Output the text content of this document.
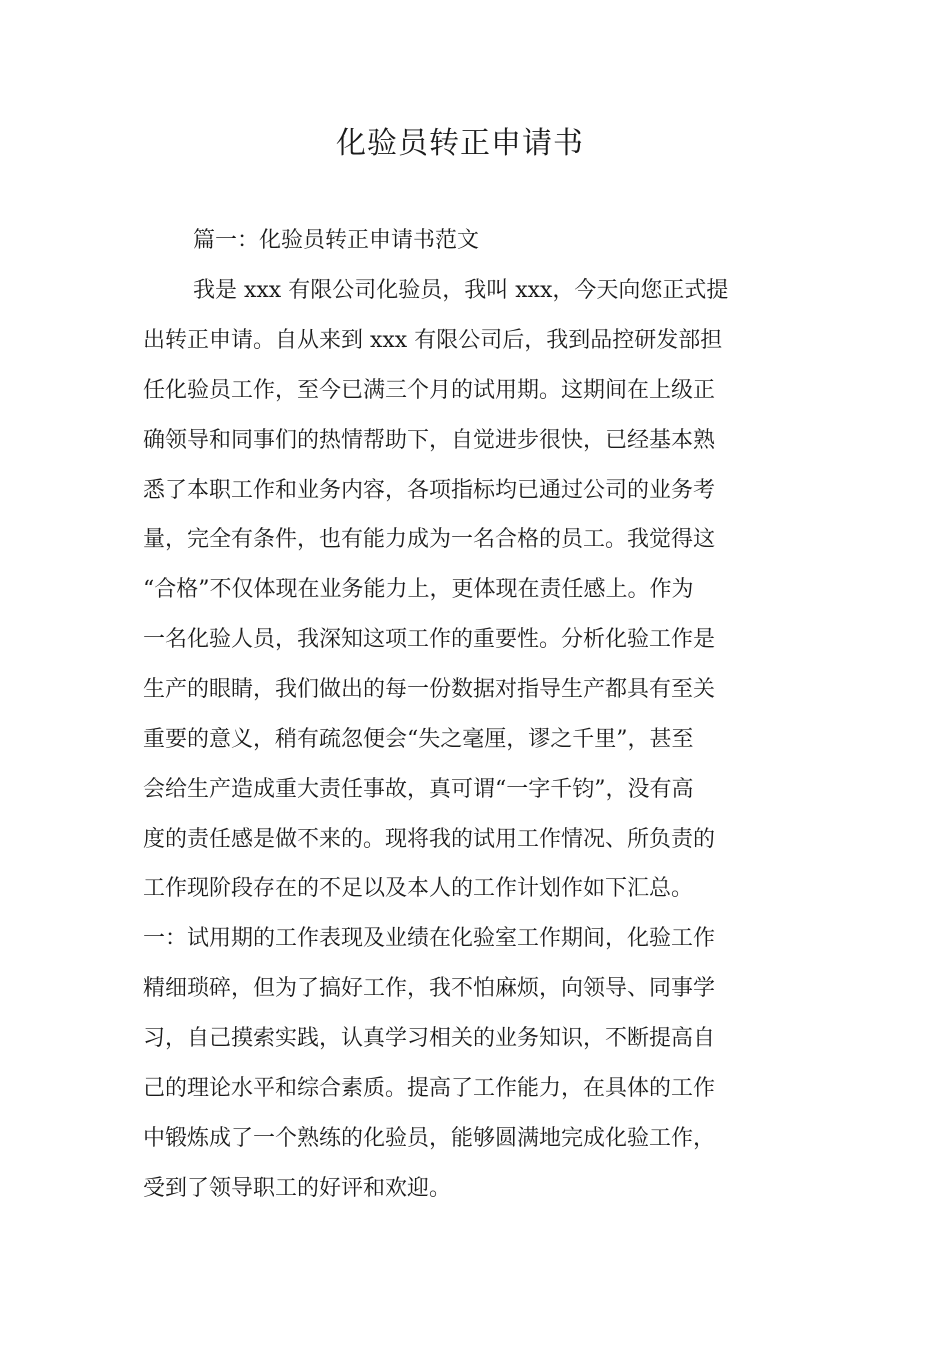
化验员转正申请书
篇一：化验员转正申请书范文
我是 xxx 有限公司化验员，我叫 xxx，今天向您正式提
出转正申请。自从来到 xxx 有限公司后，我到品控研发部担
任化验员工作，至今已满三个月的试用期。这期间在上级正
确领导和同事们的热情帮助下，自觉进步很快，已经基本熟
悉了本职工作和业务内容，各项指标均已通过公司的业务考
量，完全有条件，也有能力成为一名合格的员工。我觉得这
“合格”不仅体现在业务能力上，更体现在责任感上。作为
一名化验人员，我深知这项工作的重要性。分析化验工作是
生产的眼睛，我们做出的每一份数据对指导生产都具有至关
重要的意义，稍有疏忽便会“失之毫厘，谬之千里”，甚至
会给生产造成重大责任事故，真可谓“一字千钧”，没有高
度的责任感是做不来的。现将我的试用工作情况、所负责的
工作现阶段存在的不足以及本人的工作计划作如下汇总。
一：试用期的工作表现及业绩在化验室工作期间，化验工作
精细琐碎，但为了搞好工作，我不怕麻烦，向领导、同事学
习，自己摸索实践，认真学习相关的业务知识，不断提高自
己的理论水平和综合素质。提高了工作能力，在具体的工作
中锻炼成了一个熟练的化验员，能够圆满地完成化验工作，
受到了领导职工的好评和欢迎。
